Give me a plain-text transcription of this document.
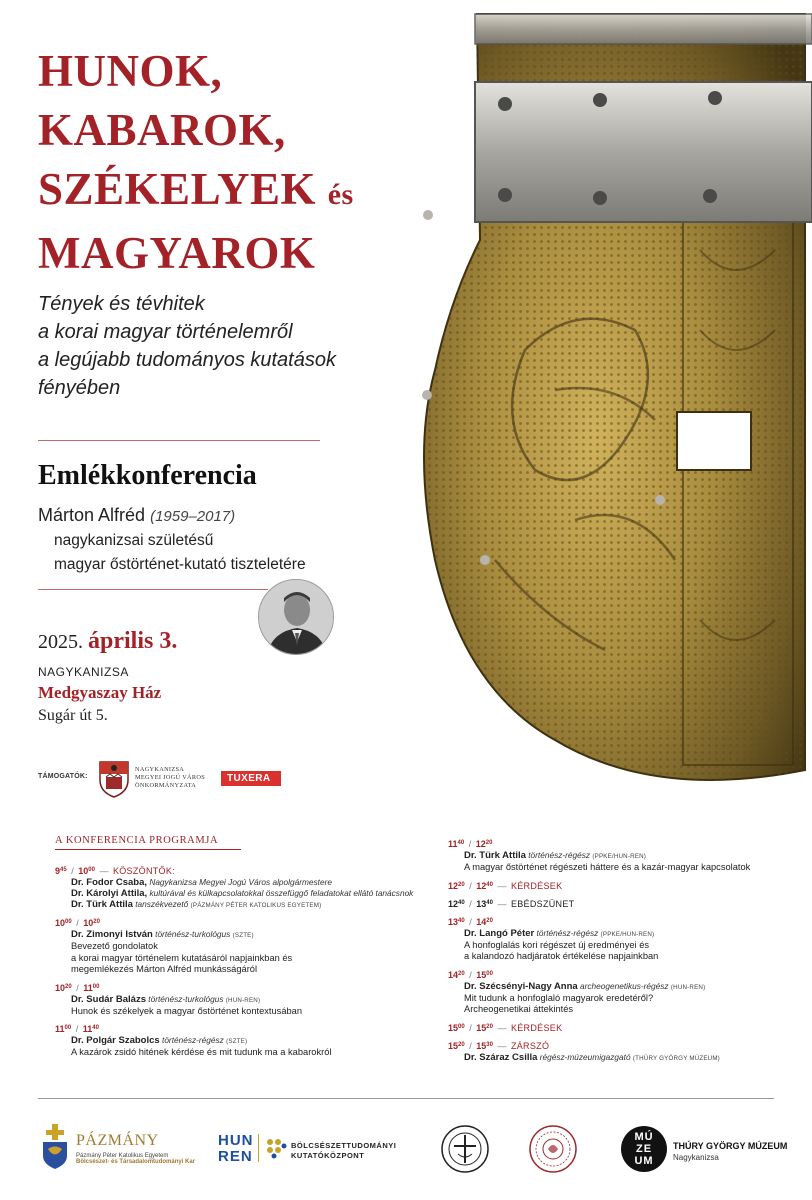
HUNOK,
KABAROK,
SZÉKELYEK és
MAGYAROK
Tények és tévhitek
a korai magyar történelemről
a legújabb tudományos kutatások
fényében
Emlékkonferencia
Márton Alfréd (1959–2017)
nagykanizsai születésű
magyar őstörténet-kutató tiszteletére
2025. április 3.
NAGYKANIZSA
Medgyaszay Ház
Sugár út 5.
TÁMOGATÓK:
NAGYKANIZSA
MEGYEI JOGÚ VÁROS
ÖNKORMÁNYZATA
TUXERA
A KONFERENCIA PROGRAMJA
$9^{45} / 10^{00}$ — KÖSZÖNTŐK:
Dr. Fodor Csaba, Nagykanizsa Megyei Jogú Város alpolgármestere
Dr. Károlyi Attila, kultúrával és külkapcsolatokkal összefüggő feladatokat ellátó tanácsnok
Dr. Türk Attila tanszékvezető (PÁZMÁNY PÉTER KATOLIKUS EGYETEM)
$10^{00} / 10^{20}$
Dr. Zimonyi István történész-turkológus (SZTE)
Bevezető gondolatok
a korai magyar történelem kutatásáról napjainkban és
megemlékezés Márton Alfréd munkásságáról
$10^{20} / 11^{00}$
Dr. Sudár Balázs történész-turkológus (HUN-REN)
Hunok és székelyek a magyar őstörténet kontextusában
$11^{00} / 11^{40}$
Dr. Polgár Szabolcs történész-régész (SZTE)
A kazárok zsidó hitének kérdése és mit tudunk ma a kabarokról
$11^{40} / 12^{20}$
Dr. Türk Attila történész-régész (PPKE/HUN-REN)
A magyar őstörténet régészeti háttere és a kazár-magyar kapcsolatok
$12^{20} / 12^{40}$ — KÉRDÉSEK
$12^{40} / 13^{40}$ — EBÉDSZÜNET
$13^{40} / 14^{20}$
Dr. Langó Péter történész-régész (PPKE/HUN-REN)
A honfoglalás kori régészet új eredményei és
a kalandozó hadjáratok értékelése napjainkban
$14^{20} / 15^{00}$
Dr. Szécsényi-Nagy Anna archeogenetikus-régész (HUN-REN)
Mit tudunk a honfoglaló magyarok eredetéről?
Archeogenetikai áttekintés
$15^{00} / 15^{20}$ — KÉRDÉSEK
$15^{20} / 15^{30}$ — ZÁRSZÓ
Dr. Száraz Csilla régész-múzeumigazgató (THÚRY GYÖRGY MÚZEUM)
PÁZMÁNY
Pázmány Péter Katolikus Egyetem
Bölcsészet- és Társadalomtudományi Kar
HUN
REN
BÖLCSÉSZETTUDOMÁNYI
KUTATÓKÖZPONT
MÚ
ZE
UM
THÚRY GYÖRGY MÚZEUM
Nagykanizsa
